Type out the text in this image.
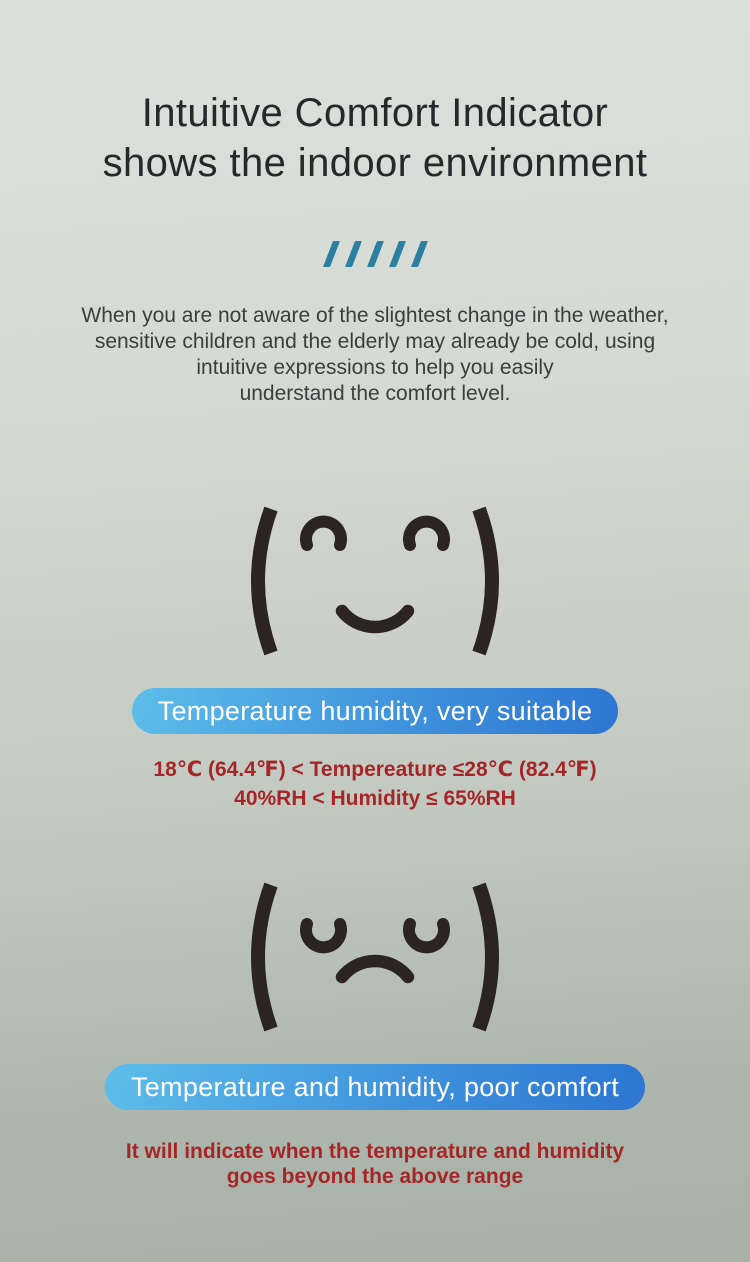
Intuitive Comfort Indicator
shows the indoor environment
When you are not aware of the slightest change in the weather,
sensitive children and the elderly may already be cold, using
intuitive expressions to help you easily
understand the comfort level.
Temperature humidity, very suitable
18℃ (64.4℉) < Tempereature ≤28℃ (82.4℉)
40%RH < Humidity ≤ 65%RH
Temperature and humidity, poor comfort
It will indicate when the temperature and humidity
goes beyond the above range
